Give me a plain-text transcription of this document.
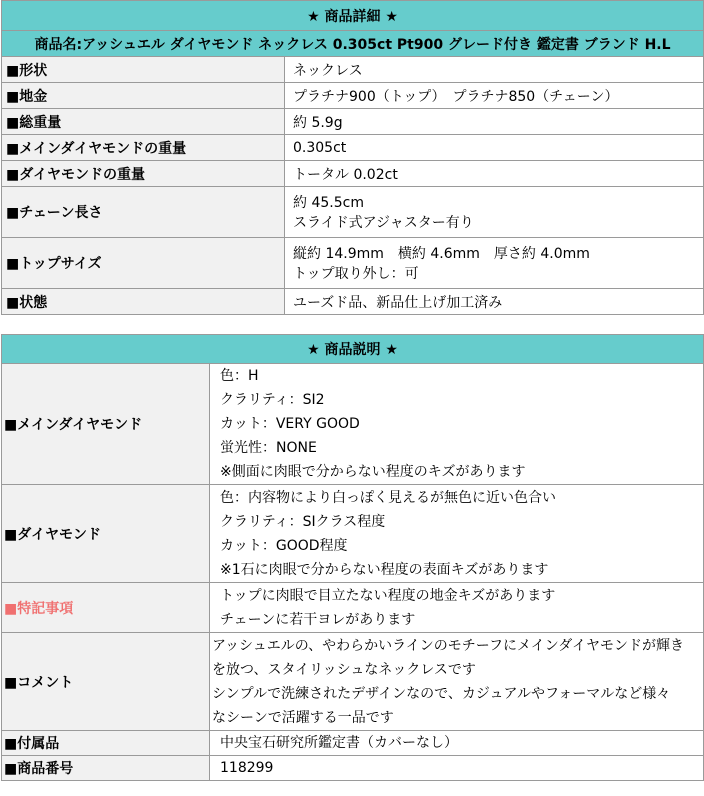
★ 商品詳細 ★	
商品名:アッシュエル ダイヤモンド ネックレス 0.305ct Pt900 グレード付き 鑑定書 ブランド H.L	
■形状	ネックレス
■地金	プラチナ900（トップ）　プラチナ850（チェーン）
■総重量	約 5.9g
■メインダイヤモンドの重量	0.305ct
■ダイヤモンドの重量	トータル 0.02ct
■チェーン長さ	約 45.5cm
スライド式アジャスター有り

■トップサイズ	縦約 14.9mm　横約 4.6mm　厚さ約 4.0mm
トップ取り外し：可

■状態	ユーズド品、新品仕上げ加工済み
★ 商品説明 ★	
■メインダイヤモンド	色：H
クラリティ：SI2
カット：VERY GOOD
蛍光性：NONE
※側面に肉眼で分からない程度のキズがあります

■ダイヤモンド	色：内容物により白っぽく見えるが無色に近い色合い
クラリティ：SIクラス程度
カット：GOOD程度
※1石に肉眼で分からない程度の表面キズがあります

■特記事項	トップに肉眼で目立たない程度の地金キズがあります
チェーンに若干ヨレがあります

■コメント	アッシュエルの、やわらかいラインのモチーフにメインダイヤモンドが輝き
を放つ、スタイリッシュなネックレスです
シンプルで洗練されたデザインなので、カジュアルやフォーマルなど様々
なシーンで活躍する一品です

■付属品	中央宝石研究所鑑定書（カバーなし）
■商品番号	118299
